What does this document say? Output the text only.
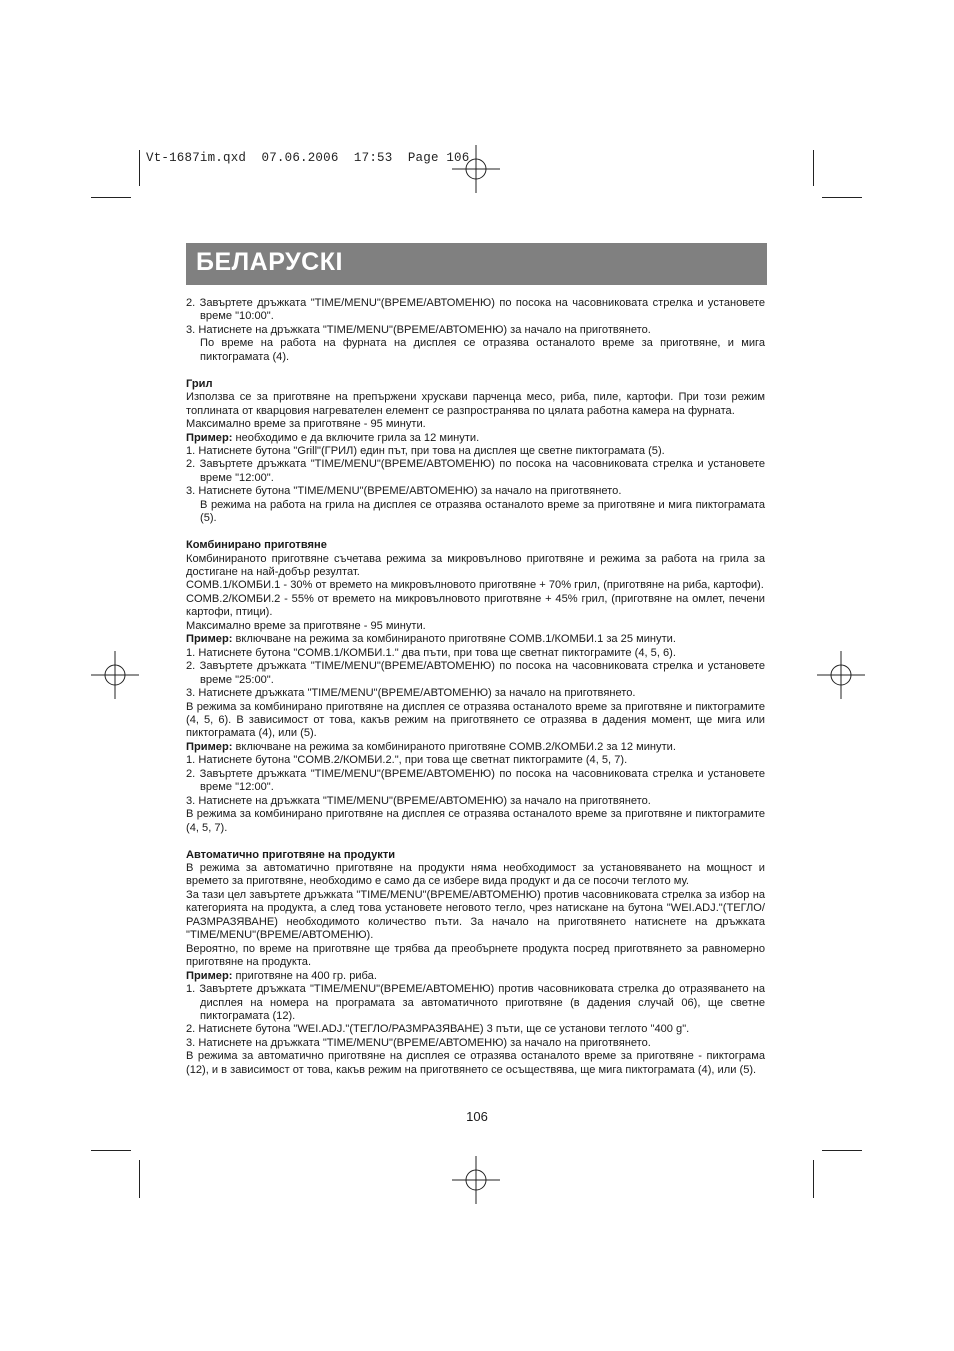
Vt-1687im.qxd  07.06.2006  17:53  Page 106
БЕЛАРУСКІ

2. Завъртете дръжката "TIME/MENU"(ВРЕМЕ/АВТОМЕНЮ) по посока на часовниковата стрелка и установете време "10:00".

3. Натиснете на дръжката "TIME/MENU"(ВРЕМЕ/АВТОМЕНЮ) за начало на приготвянето.

По време на работа на фурната на дисплея се отразява останалото време за приготвяне, и мига пиктограмата (4).

Грил

Използва се за приготвяне на препържени хрускави парченца месо, риба, пиле, картофи. При този режим топлината от кварцовия нагревателен елемент се разпространява по цялата работна камера на фурната.

Максимално време за приготвяне - 95 минути.

Пример: необходимо е да включите грила за 12 минути.

1. Натиснете бутона "Grill"(ГРИЛ) един път, при това на дисплея ще светне пиктограмата (5).

2. Завъртете дръжката "TIME/MENU"(ВРЕМЕ/АВТОМЕНЮ) по посока на часовниковата стрелка и установете време "12:00".

3. Натиснете бутона "TIME/MENU"(ВРЕМЕ/АВТОМЕНЮ) за начало на приготвянето.

В режима на работа на грила на дисплея се отразява останалото време за приготвяне и мига пиктограмата (5).

Комбинирано приготвяне

Комбинираното приготвяне съчетава режима за микровълново приготвяне и режима за работа на грила за достигане на най-добър резултат.

COMB.1/КОМБИ.1 - 30% от времето на микровълновото приготвяне + 70% грил, (приготвяне на риба, картофи).

COMB.2/КОМБИ.2 - 55% от времето на микровълновото приготвяне + 45% грил, (приготвяне на омлет, печени картофи, птици).

Максимално време за приготвяне - 95 минути.

Пример: включване на режима за комбинираното приготвяне COMB.1/КОМБИ.1 за 25 минути.

1. Натиснете бутона "COMB.1/КОМБИ.1." два пъти, при това ще светнат пиктограмите (4, 5, 6).

2. Завъртете дръжката "TIME/MENU"(ВРЕМЕ/АВТОМЕНЮ) по посока на часовниковата стрелка и установете време "25:00".

3. Натиснете дръжката "TIME/MENU"(ВРЕМЕ/АВТОМЕНЮ) за начало на приготвянето.

В режима за комбинирано приготвяне на дисплея се отразява останалото време за приготвяне и пиктограмите (4, 5, 6). В зависимост от това, какъв режим на приготвянето се отразява в дадения момент, ще мига или пиктограмата (4), или (5).

Пример: включване на режима за комбинираното приготвяне COMB.2/КОМБИ.2 за 12 минути.

1. Натиснете бутона "COMB.2/КОМБИ.2.", при това ще светнат пиктограмите (4, 5, 7).

2. Завъртете дръжката "TIME/MENU"(ВРЕМЕ/АВТОМЕНЮ) по посока на часовниковата стрелка и установете време "12:00".

3. Натиснете на дръжката "TIME/MENU"(ВРЕМЕ/АВТОМЕНЮ) за начало на приготвянето.

В режима за комбинирано приготвяне на дисплея се отразява останалото време за приготвяне и пиктограмите (4, 5, 7).

Автоматично приготвяне на продукти

В режима за автоматично приготвяне на продукти няма необходимост за установяването на мощност и времето за приготвяне, необходимо е само да се избере вида продукт и да се посочи теглото му.

За тази цел завъртете дръжката "TIME/MENU"(ВРЕМЕ/АВТОМЕНЮ) против часовниковата стрелка за избор на категорията на продукта, а след това установете неговото тегло, чрез натискане на бутона "WEI.ADJ."(ТЕГЛО/РАЗМРАЗЯВАНЕ) необходимото количество пъти. За начало на приготвянето натиснете на дръжката "TIME/MENU"(ВРЕМЕ/АВТОМЕНЮ).

Вероятно, по време на приготвяне ще трябва да преобърнете продукта посред приготвянето за равномерно приготвяне на продукта.

Пример: приготвяне на 400 гр. риба.

1. Завъртете дръжката "TIME/MENU"(ВРЕМЕ/АВТОМЕНЮ) против часовниковата стрелка до отразяването на дисплея на номера на програмата за автоматичното приготвяне (в дадения случай 06), ще светне пиктограмата (12).

2. Натиснете бутона "WEI.ADJ."(ТЕГЛО/РАЗМРАЗЯВАНЕ) 3 пъти, ще се установи теглото "400 g".

3. Натиснете на дръжката "TIME/MENU"(ВРЕМЕ/АВТОМЕНЮ) за начало на приготвянето.

В режима за автоматично приготвяне на дисплея се отразява останалото време за приготвяне - пиктограма (12), и в зависимост от това, какъв режим на приготвянето се осъществява, ще мига пиктограмата (4), или (5).

106
